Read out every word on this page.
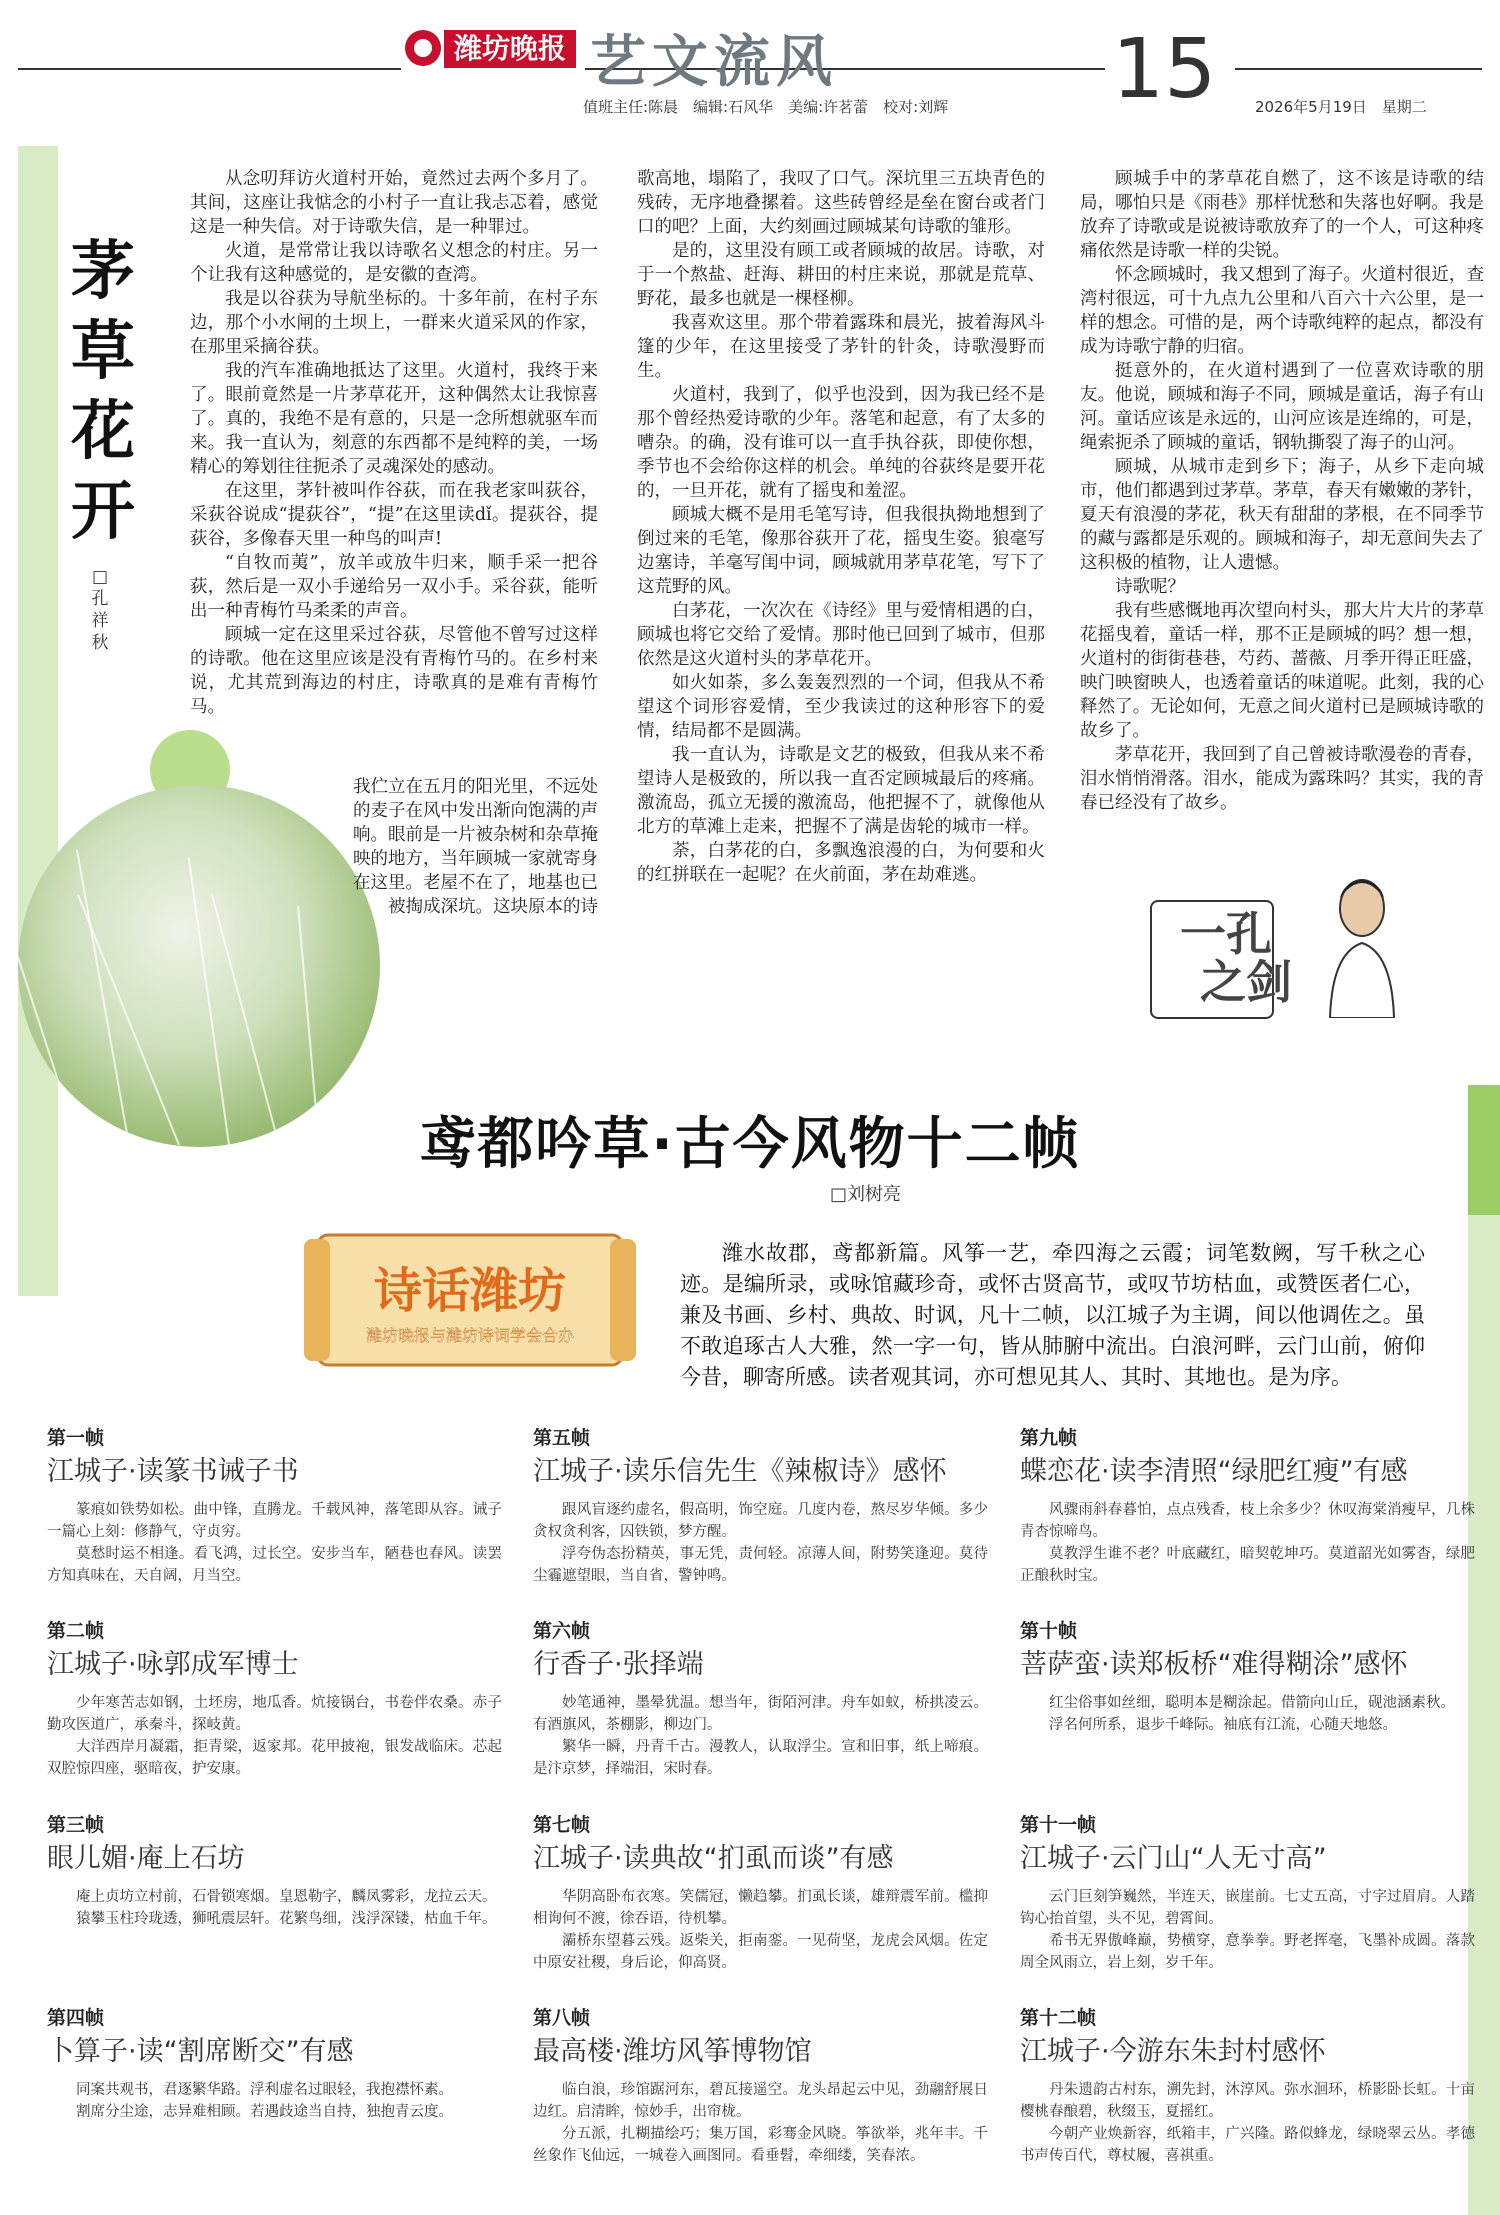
潍坊晚报 艺文流风	15
值班主任:陈晨　编辑:石风华　美编:许茗蕾　校对:刘辉	2026年5月19日　星期二
茅草花开
□孔祥秋

从念叨拜访火道村开始，竟然过去两个多月了。其间，这座让我惦念的小村子一直让我忐忑着，感觉这是一种失信。对于诗歌失信，是一种罪过。

火道，是常常让我以诗歌名义想念的村庄。另一个让我有这种感觉的，是安徽的查湾。

我是以谷获为导航坐标的。十多年前，在村子东边，那个小水闸的土坝上，一群来火道采风的作家，在那里采摘谷获。

我的汽车准确地抵达了这里。火道村，我终于来了。眼前竟然是一片茅草花开，这种偶然太让我惊喜了。真的，我绝不是有意的，只是一念所想就驱车而来。我一直认为，刻意的东西都不是纯粹的美，一场精心的筹划往往扼杀了灵魂深处的感动。

在这里，茅针被叫作谷荻，而在我老家叫荻谷，采荻谷说成“提荻谷”，“提”在这里读dǐ。提荻谷，提荻谷，多像春天里一种鸟的叫声!

“自牧而荑”，放羊或放牛归来，顺手采一把谷荻，然后是一双小手递给另一双小手。采谷荻，能听出一种青梅竹马柔柔的声音。

顾城一定在这里采过谷荻，尽管他不曾写过这样的诗歌。他在这里应该是没有青梅竹马的。在乡村来说，尤其荒到海边的村庄，诗歌真的是难有青梅竹马。

我伫立在五月的阳光里，不远处的麦子在风中发出渐向饱满的声响。眼前是一片被杂树和杂草掩映的地方，当年顾城一家就寄身在这里。老屋不在了，地基也已被掏成深坑。这块原本的诗

歌高地，塌陷了，我叹了口气。深坑里三五块青色的残砖，无序地叠摞着。这些砖曾经是垒在窗台或者门口的吧？上面，大约刻画过顾城某句诗歌的雏形。

是的，这里没有顾工或者顾城的故居。诗歌，对于一个熬盐、赶海、耕田的村庄来说，那就是荒草、野花，最多也就是一棵柽柳。

我喜欢这里。那个带着露珠和晨光，披着海风斗篷的少年，在这里接受了茅针的针灸，诗歌漫野而生。

火道村，我到了，似乎也没到，因为我已经不是那个曾经热爱诗歌的少年。落笔和起意，有了太多的嘈杂。的确，没有谁可以一直手执谷荻，即使你想，季节也不会给你这样的机会。单纯的谷荻终是要开花的，一旦开花，就有了摇曳和羞涩。

顾城大概不是用毛笔写诗，但我很执拗地想到了倒过来的毛笔，像那谷荻开了花，摇曳生姿。狼毫写边塞诗，羊毫写闺中词，顾城就用茅草花笔，写下了这荒野的风。

白茅花，一次次在《诗经》里与爱情相遇的白，顾城也将它交给了爱情。那时他已回到了城市，但那依然是这火道村头的茅草花开。

如火如荼，多么轰轰烈烈的一个词，但我从不希望这个词形容爱情，至少我读过的这种形容下的爱情，结局都不是圆满。

我一直认为，诗歌是文艺的极致，但我从来不希望诗人是极致的，所以我一直否定顾城最后的疼痛。激流岛，孤立无援的激流岛，他把握不了，就像他从北方的草滩上走来，把握不了满是齿轮的城市一样。

荼，白茅花的白，多飘逸浪漫的白，为何要和火的红拼联在一起呢？在火前面，茅在劫难逃。

顾城手中的茅草花自燃了，这不该是诗歌的结局，哪怕只是《雨巷》那样忧愁和失落也好啊。我是放弃了诗歌或是说被诗歌放弃了的一个人，可这种疼痛依然是诗歌一样的尖锐。

怀念顾城时，我又想到了海子。火道村很近，查湾村很远，可十九点九公里和八百六十六公里，是一样的想念。可惜的是，两个诗歌纯粹的起点，都没有成为诗歌宁静的归宿。

挺意外的，在火道村遇到了一位喜欢诗歌的朋友。他说，顾城和海子不同，顾城是童话，海子有山河。童话应该是永远的，山河应该是连绵的，可是，绳索扼杀了顾城的童话，钢轨撕裂了海子的山河。

顾城，从城市走到乡下；海子，从乡下走向城市，他们都遇到过茅草。茅草，春天有嫩嫩的茅针，夏天有浪漫的茅花，秋天有甜甜的茅根，在不同季节的藏与露都是乐观的。顾城和海子，却无意间失去了这积极的植物，让人遗憾。

诗歌呢？

我有些感慨地再次望向村头，那大片大片的茅草花摇曳着，童话一样，那不正是顾城的吗？想一想，火道村的街街巷巷，芍药、蔷薇、月季开得正旺盛，映门映窗映人，也透着童话的味道呢。此刻，我的心释然了。无论如何，无意之间火道村已是顾城诗歌的故乡了。

茅草花开，我回到了自己曾被诗歌漫卷的青春，泪水悄悄滑落。泪水，能成为露珠吗？其实，我的青春已经没有了故乡。

一孔
之剑
鸢都吟草·古今风物十二帧
□刘树亮
诗话潍坊
潍坊晚报与潍坊诗词学会合办

潍水故郡，鸢都新篇。风筝一艺，牵四海之云霞；词笔数阙，写千秋之心迹。是编所录，或咏馆藏珍奇，或怀古贤高节，或叹节坊枯血，或赞医者仁心，兼及书画、乡村、典故、时讽，凡十二帧，以江城子为主调，间以他调佐之。虽不敢追琢古人大雅，然一字一句，皆从肺腑中流出。白浪河畔，云门山前，俯仰今昔，聊寄所感。读者观其词，亦可想见其人、其时、其地也。是为序。

第一帧
江城子·读篆书诫子书

篆痕如铁势如松。曲中锋，直腾龙。千载风神，落笔即从容。诫子一篇心上刻：修静气，守贞穷。

莫愁时运不相逢。看飞鸿，过长空。安步当车，陋巷也春风。读罢方知真味在，天自阔，月当空。

第二帧
江城子·咏郭成军博士

少年寒苦志如钢，土坯房，地瓜香。炕接锅台，书卷伴农桑。赤子勤攻医道广，承秦斗，探岐黄。

大洋西岸月凝霜，拒青梁，返家邦。花甲披袍，银发战临床。芯起双腔惊四座，驱暗夜，护安康。

第三帧
眼儿媚·庵上石坊

庵上贞坊立村前，石骨锁寒烟。皇恩勒字，麟凤雾彩，龙拉云天。

猿攀玉柱玲珑透，狮吼震层轩。花繁鸟细，浅浮深镂，枯血千年。

第四帧
卜算子·读“割席断交”有感

同案共观书，君逐繁华路。浮利虚名过眼轻，我抱襟怀素。

割席分尘途，志异难相顾。若遇歧途当自持，独抱青云度。

第五帧
江城子·读乐信先生《辣椒诗》感怀

跟风盲逐约虚名，假高明，饰空庭。几度内卷，熬尽岁华倾。多少贪权贪利客，囚铁锁，梦方醒。

浮夸伪态扮精英，事无凭，责何轻。凉薄人间，附势笑逢迎。莫待尘霾遮望眼，当自省，警钟鸣。

第六帧
行香子·张择端

妙笔通神，墨晕犹温。想当年，街陌河津。舟车如蚁，桥拱凌云。有酒旗风，茶棚影，柳边门。

繁华一瞬，丹青千古。漫教人，认取浮尘。宣和旧事，纸上啼痕。是汴京梦，择端泪，宋时春。

第七帧
江城子·读典故“扪虱而谈”有感

华阴高卧布衣寒。笑儒冠，懒趋攀。扪虱长谈，雄辩震军前。槛抑相询何不渡，徐吞语，待机攀。

灞桥东望暮云残。返柴关，拒南銮。一见荷坚，龙虎会风烟。佐定中原安社稷，身后论，仰高贤。

第八帧
最高楼·潍坊风筝博物馆

临白浪，珍馆踞河东，碧瓦接遥空。龙头昂起云中见，劲翮舒展日边红。启清眸，惊妙手，出帘栊。

分五派，扎糊描绘巧；集万国，彩骞金风晓。筝欲举，兆年丰。千丝象作飞仙远，一城卷入画图同。看垂髫，牵细缕，笑春浓。

第九帧
蝶恋花·读李清照“绿肥红瘦”有感

风骤雨斜春暮怕，点点残香，枝上余多少？休叹海棠消瘦早，几株青杏惊啼鸟。

莫教浮生谁不老？叶底藏红，暗契乾坤巧。莫道韶光如雾杳，绿肥正酿秋时宝。

第十帧
菩萨蛮·读郑板桥“难得糊涂”感怀

红尘俗事如丝细，聪明本是糊涂起。借箭向山丘，砚池涵素秋。

浮名何所系，退步千峰际。袖底有江流，心随天地悠。

第十一帧
江城子·云门山“人无寸高”

云门巨刻笋巍然，半连天，嵌崖前。七丈五高，寸字过眉肩。人踏钩心抬首望，头不见，碧霄间。

希书无界傲峰巅，势横穿，意拳拳。野老挥毫，飞墨补成圆。落款周全风雨立，岩上刻，岁千年。

第十二帧
江城子·今游东朱封村感怀

丹朱遗韵古村东，溯先封，沐淳风。弥水洄环，桥影卧长虹。十亩樱桃春酿碧，秋缀玉，夏摇红。

今朝产业焕新容，纸箱丰，广兴隆。路似蜂龙，绿晓翠云丛。孝德书声传百代，尊杖履，喜祺重。
